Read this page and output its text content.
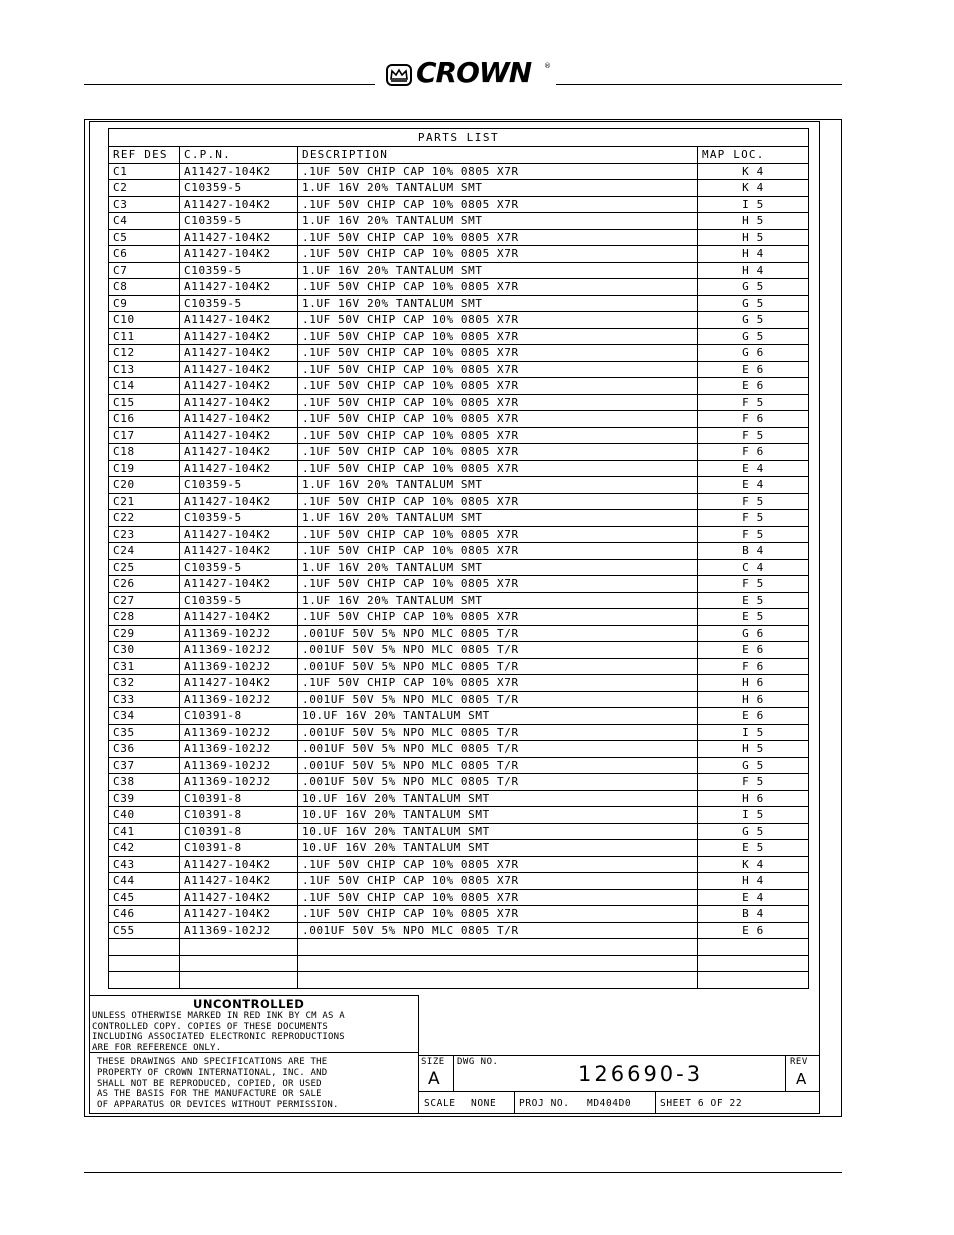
CROWN ®
PARTS LIST			
REF DES	C.P.N.	DESCRIPTION	MAP LOC.
C1	A11427-104K2	.1UF 50V CHIP CAP 10% 0805 X7R	K 4
C2	C10359-5	1.UF 16V 20% TANTALUM SMT	K 4
C3	A11427-104K2	.1UF 50V CHIP CAP 10% 0805 X7R	I 5
C4	C10359-5	1.UF 16V 20% TANTALUM SMT	H 5
C5	A11427-104K2	.1UF 50V CHIP CAP 10% 0805 X7R	H 5
C6	A11427-104K2	.1UF 50V CHIP CAP 10% 0805 X7R	H 4
C7	C10359-5	1.UF 16V 20% TANTALUM SMT	H 4
C8	A11427-104K2	.1UF 50V CHIP CAP 10% 0805 X7R	G 5
C9	C10359-5	1.UF 16V 20% TANTALUM SMT	G 5
C10	A11427-104K2	.1UF 50V CHIP CAP 10% 0805 X7R	G 5
C11	A11427-104K2	.1UF 50V CHIP CAP 10% 0805 X7R	G 5
C12	A11427-104K2	.1UF 50V CHIP CAP 10% 0805 X7R	G 6
C13	A11427-104K2	.1UF 50V CHIP CAP 10% 0805 X7R	E 6
C14	A11427-104K2	.1UF 50V CHIP CAP 10% 0805 X7R	E 6
C15	A11427-104K2	.1UF 50V CHIP CAP 10% 0805 X7R	F 5
C16	A11427-104K2	.1UF 50V CHIP CAP 10% 0805 X7R	F 6
C17	A11427-104K2	.1UF 50V CHIP CAP 10% 0805 X7R	F 5
C18	A11427-104K2	.1UF 50V CHIP CAP 10% 0805 X7R	F 6
C19	A11427-104K2	.1UF 50V CHIP CAP 10% 0805 X7R	E 4
C20	C10359-5	1.UF 16V 20% TANTALUM SMT	E 4
C21	A11427-104K2	.1UF 50V CHIP CAP 10% 0805 X7R	F 5
C22	C10359-5	1.UF 16V 20% TANTALUM SMT	F 5
C23	A11427-104K2	.1UF 50V CHIP CAP 10% 0805 X7R	F 5
C24	A11427-104K2	.1UF 50V CHIP CAP 10% 0805 X7R	B 4
C25	C10359-5	1.UF 16V 20% TANTALUM SMT	C 4
C26	A11427-104K2	.1UF 50V CHIP CAP 10% 0805 X7R	F 5
C27	C10359-5	1.UF 16V 20% TANTALUM SMT	E 5
C28	A11427-104K2	.1UF 50V CHIP CAP 10% 0805 X7R	E 5
C29	A11369-102J2	.001UF 50V 5% NPO MLC 0805 T/R	G 6
C30	A11369-102J2	.001UF 50V 5% NPO MLC 0805 T/R	E 6
C31	A11369-102J2	.001UF 50V 5% NPO MLC 0805 T/R	F 6
C32	A11427-104K2	.1UF 50V CHIP CAP 10% 0805 X7R	H 6
C33	A11369-102J2	.001UF 50V 5% NPO MLC 0805 T/R	H 6
C34	C10391-8	10.UF 16V 20% TANTALUM SMT	E 6
C35	A11369-102J2	.001UF 50V 5% NPO MLC 0805 T/R	I 5
C36	A11369-102J2	.001UF 50V 5% NPO MLC 0805 T/R	H 5
C37	A11369-102J2	.001UF 50V 5% NPO MLC 0805 T/R	G 5
C38	A11369-102J2	.001UF 50V 5% NPO MLC 0805 T/R	F 5
C39	C10391-8	10.UF 16V 20% TANTALUM SMT	H 6
C40	C10391-8	10.UF 16V 20% TANTALUM SMT	I 5
C41	C10391-8	10.UF 16V 20% TANTALUM SMT	G 5
C42	C10391-8	10.UF 16V 20% TANTALUM SMT	E 5
C43	A11427-104K2	.1UF 50V CHIP CAP 10% 0805 X7R	K 4
C44	A11427-104K2	.1UF 50V CHIP CAP 10% 0805 X7R	H 4
C45	A11427-104K2	.1UF 50V CHIP CAP 10% 0805 X7R	E 4
C46	A11427-104K2	.1UF 50V CHIP CAP 10% 0805 X7R	B 4
C55	A11369-102J2	.001UF 50V 5% NPO MLC 0805 T/R	E 6

UNCONTROLLED
UNLESS OTHERWISE MARKED IN RED INK BY CM AS A
CONTROLLED COPY. COPIES OF THESE DOCUMENTS
INCLUDING ASSOCIATED ELECTRONIC REPRODUCTIONS
ARE FOR REFERENCE ONLY.
THESE DRAWINGS AND SPECIFICATIONS ARE THE
PROPERTY OF CROWN INTERNATIONAL, INC. AND
SHALL NOT BE REPRODUCED, COPIED, OR USED
AS THE BASIS FOR THE MANUFACTURE OR SALE
OF APPARATUS OR DEVICES WITHOUT PERMISSION.
SIZE
A
DWG NO.	126690-3	REV
A
SCALE NONE PROJ NO. MD404D0	SHEET 6 OF 22
